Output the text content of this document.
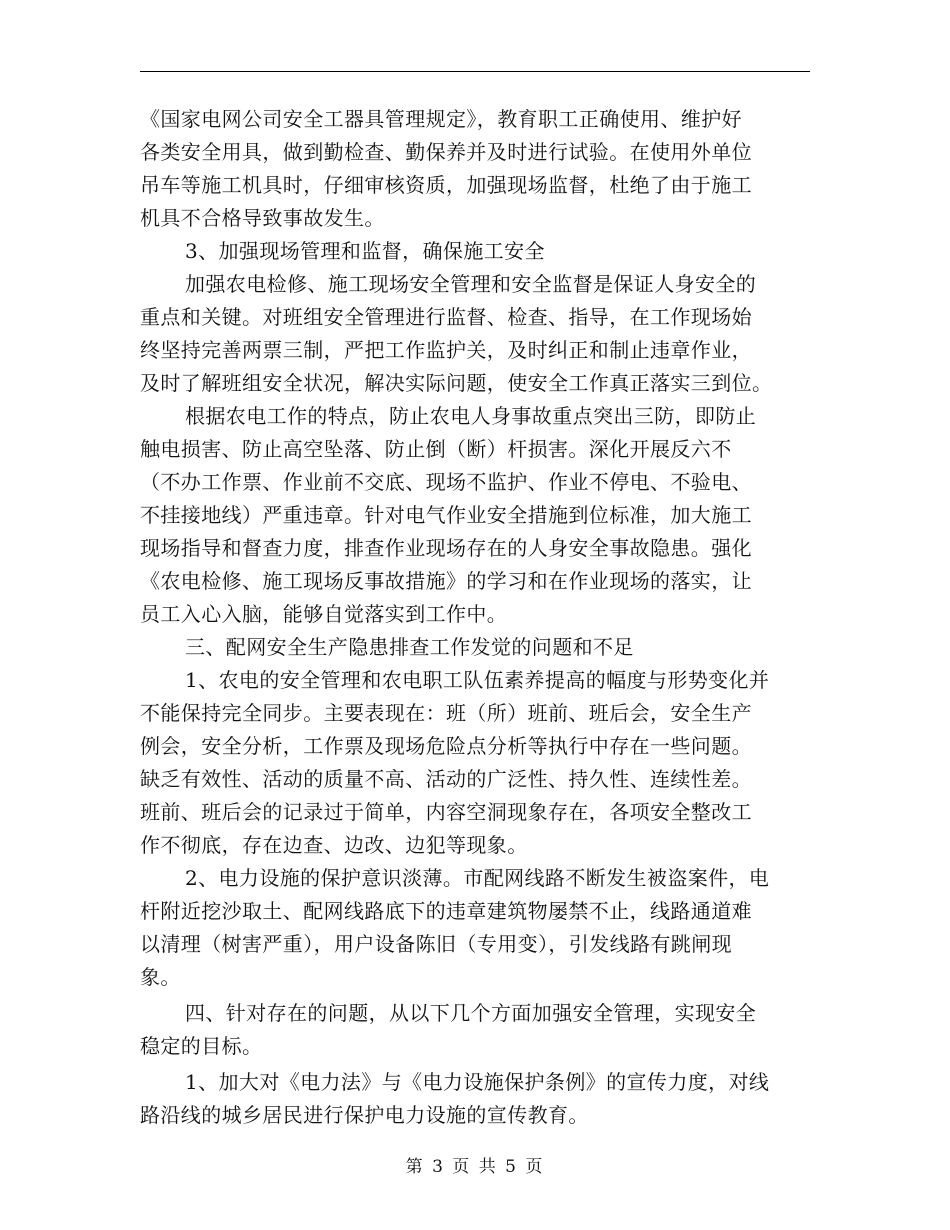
《国家电网公司安全工器具管理规定》，教育职工正确使用、维护好
各类安全用具，做到勤检查、勤保养并及时进行试验。在使用外单位
吊车等施工机具时，仔细审核资质，加强现场监督，杜绝了由于施工
机具不合格导致事故发生。
3、加强现场管理和监督，确保施工安全
加强农电检修、施工现场安全管理和安全监督是保证人身安全的
重点和关键。对班组安全管理进行监督、检查、指导，在工作现场始
终坚持完善两票三制，严把工作监护关，及时纠正和制止违章作业，
及时了解班组安全状况，解决实际问题，使安全工作真正落实三到位。
根据农电工作的特点，防止农电人身事故重点突出三防，即防止
触电损害、防止高空坠落、防止倒（断）杆损害。深化开展反六不
（不办工作票、作业前不交底、现场不监护、作业不停电、不验电、
不挂接地线）严重违章。针对电气作业安全措施到位标准，加大施工
现场指导和督查力度，排查作业现场存在的人身安全事故隐患。强化
《农电检修、施工现场反事故措施》的学习和在作业现场的落实，让
员工入心入脑，能够自觉落实到工作中。
三、配网安全生产隐患排查工作发觉的问题和不足
1、农电的安全管理和农电职工队伍素养提高的幅度与形势变化并
不能保持完全同步。主要表现在：班（所）班前、班后会，安全生产
例会，安全分析，工作票及现场危险点分析等执行中存在一些问题。
缺乏有效性、活动的质量不高、活动的广泛性、持久性、连续性差。
班前、班后会的记录过于简单，内容空洞现象存在，各项安全整改工
作不彻底，存在边查、边改、边犯等现象。
2、电力设施的保护意识淡薄。市配网线路不断发生被盗案件，电
杆附近挖沙取土、配网线路底下的违章建筑物屡禁不止，线路通道难
以清理（树害严重），用户设备陈旧（专用变），引发线路有跳闸现
象。
四、针对存在的问题，从以下几个方面加强安全管理，实现安全
稳定的目标。
1、加大对《电力法》与《电力设施保护条例》的宣传力度，对线
路沿线的城乡居民进行保护电力设施的宣传教育。
第 3 页 共 5 页
